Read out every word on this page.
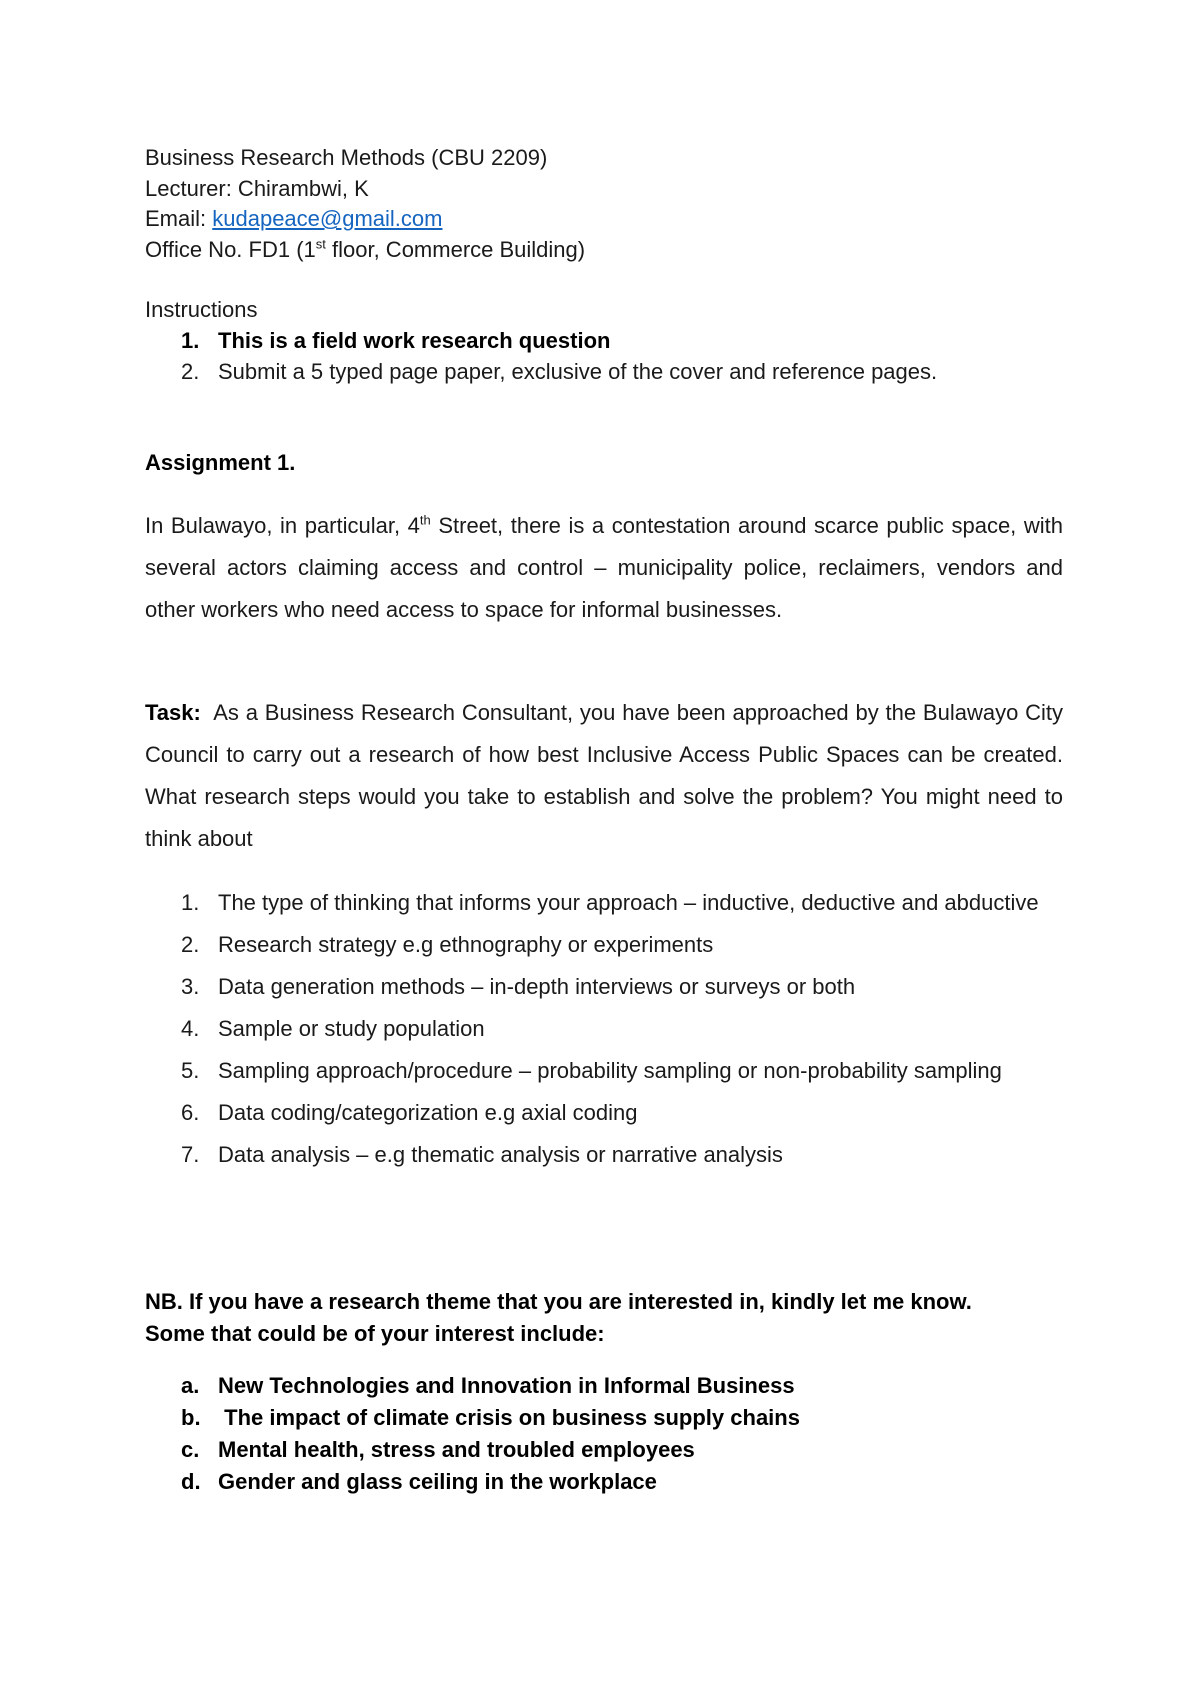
Business Research Methods (CBU 2209)
Lecturer: Chirambwi, K
Email: kudapeace@gmail.com
Office No. FD1 (1st floor, Commerce Building)
Instructions
1. This is a field work research question
2. Submit a 5 typed page paper, exclusive of the cover and reference pages.
Assignment 1.
In Bulawayo, in particular, 4th Street, there is a contestation around scarce public space, with several actors claiming access and control – municipality police, reclaimers, vendors and other workers who need access to space for informal businesses.
Task:  As a Business Research Consultant, you have been approached by the Bulawayo City Council to carry out a research of how best Inclusive Access Public Spaces can be created. What research steps would you take to establish and solve the problem? You might need to think about
1. The type of thinking that informs your approach – inductive, deductive and abductive
2. Research strategy e.g ethnography or experiments
3. Data generation methods – in-depth interviews or surveys or both
4. Sample or study population
5. Sampling approach/procedure – probability sampling or non-probability sampling
6. Data coding/categorization e.g axial coding
7. Data analysis – e.g thematic analysis or narrative analysis
NB. If you have a research theme that you are interested in, kindly let me know.
Some that could be of your interest include:
a. New Technologies and Innovation in Informal Business
b. The impact of climate crisis on business supply chains
c. Mental health, stress and troubled employees
d. Gender and glass ceiling in the workplace
